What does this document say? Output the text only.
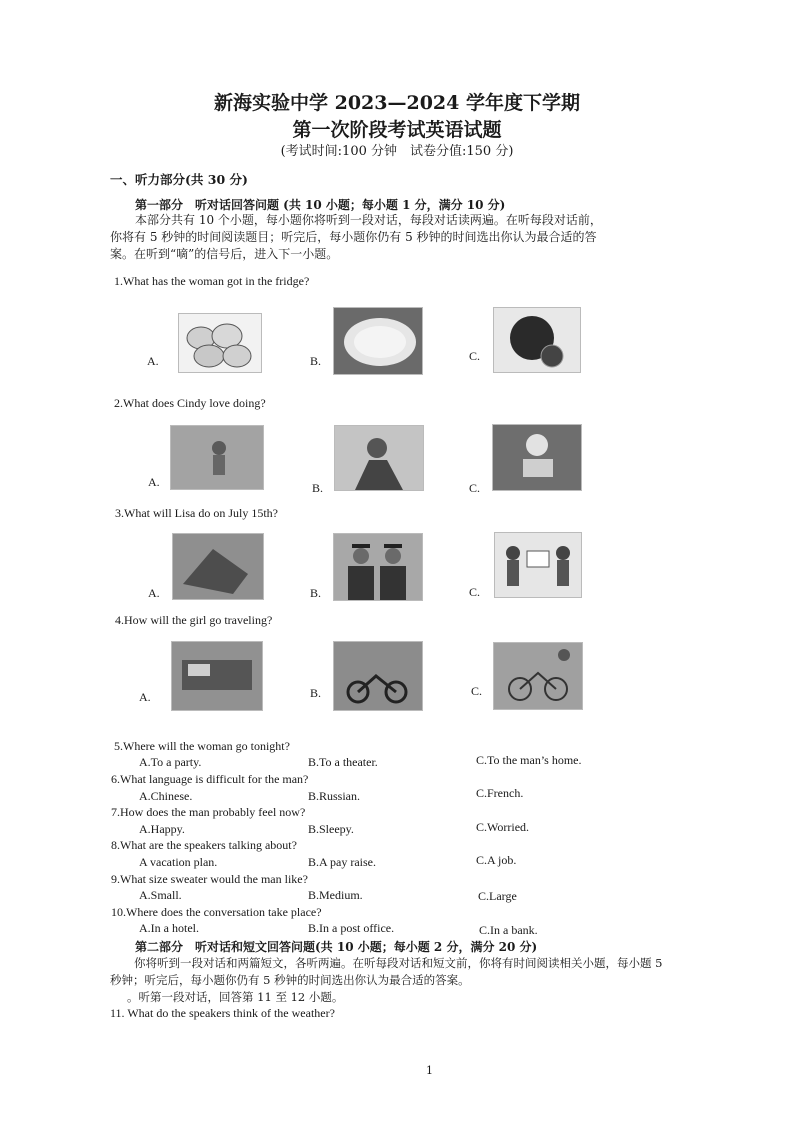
新海实验中学 2023—2024 学年度下学期
第一次阶段考试英语试题
(考试时间:100 分钟　试卷分值:150 分)
一、听力部分(共 30 分)
第一部分　听对话回答问题 (共 10 小题；每小题 1 分，满分 10 分)
本部分共有 10 个小题，每小题你将听到一段对话，每段对话读两遍。在听每段对话前，
你将有 5 秒钟的时间阅读题目；听完后，每小题你仍有 5 秒钟的时间选出你认为最合适的答
案。在听到“嘀”的信号后，进入下一小题。
1.What has the woman got in the fridge?
A.	B.	C.
2.What does Cindy love doing?
A.	B.	C.
3.What will Lisa do on July 15th?
A.	B.	C.
4.How will the girl go traveling?
A.	B.	C.
5.Where will the woman go tonight?
A.To a party.	B.To a theater.	C.To the man’s home.
6.What language is difficult for the man?
A.Chinese.	B.Russian.	C.French.
7.How does the man probably feel now?
A.Happy.	B.Sleepy.	C.Worried.
8.What are the speakers talking about?
A vacation plan.	B.A pay raise.	C.A job.
9.What size sweater would the man like?
A.Small.	B.Medium.	C.Large
10.Where does the conversation take place?
A.In a hotel.	B.In a post office.	C.In a bank.
第二部分　听对话和短文回答问题(共 10 小题；每小题 2 分，满分 20 分)
你将听到一段对话和两篇短文，各听两遍。在听每段对话和短文前，你将有时间阅读相关小题，每小题 5
秒钟；听完后，每小题你仍有 5 秒钟的时间选出你认为最合适的答案。
。听第一段对话，回答第 11 至 12 小题。
11. What do the speakers think of the weather?
1
